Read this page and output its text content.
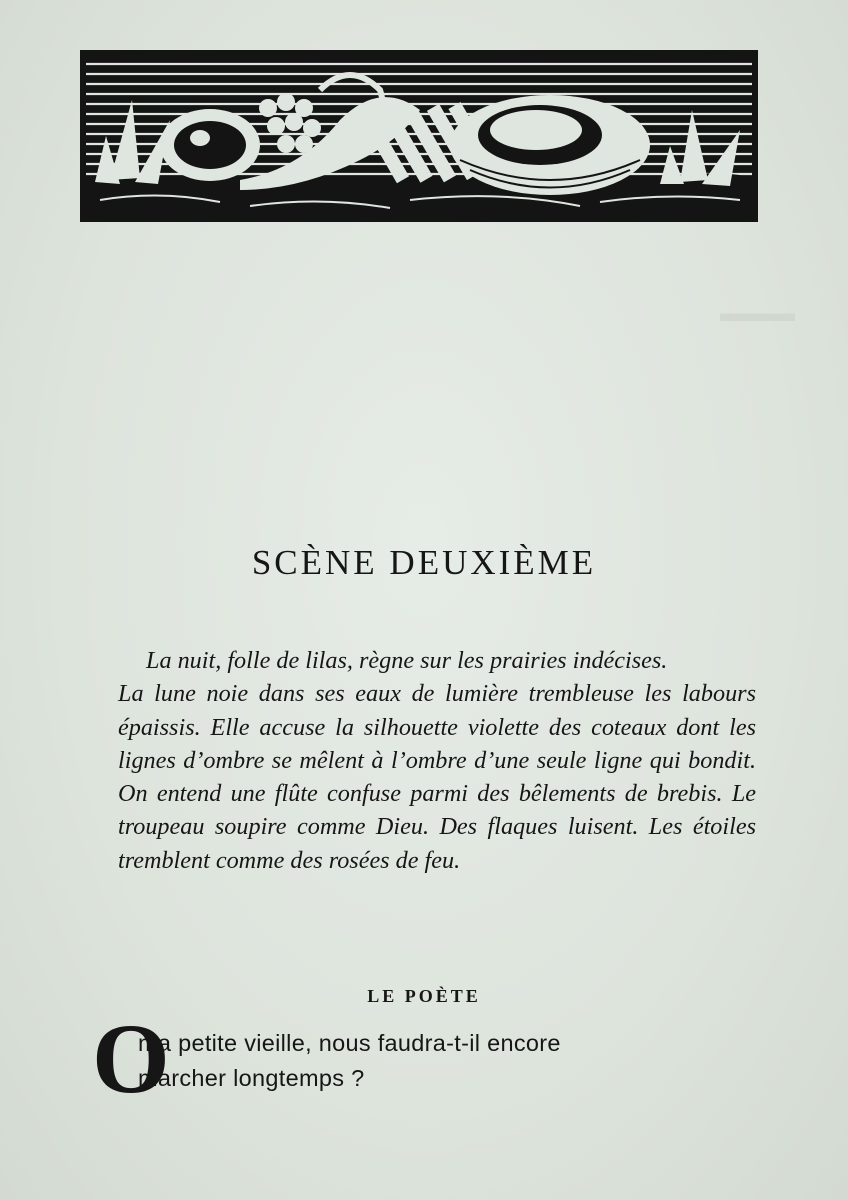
▬▬▬
SCÈNE DEUXIÈME
La nuit, folle de lilas, règne sur les prairies indécises.
La lune noie dans ses eaux de lumière trembleuse les labours épaissis. Elle accuse la silhouette violette des coteaux dont les lignes d’ombre se mêlent à l’ombre d’une seule ligne qui bondit. On entend une flûte confuse parmi des bêlements de brebis. Le troupeau soupire comme Dieu. Des flaques luisent. Les étoiles tremblent comme des rosées de feu.
LE POÈTE
O
ma petite vieille, nous faudra-t-il encore
marcher longtemps ?
